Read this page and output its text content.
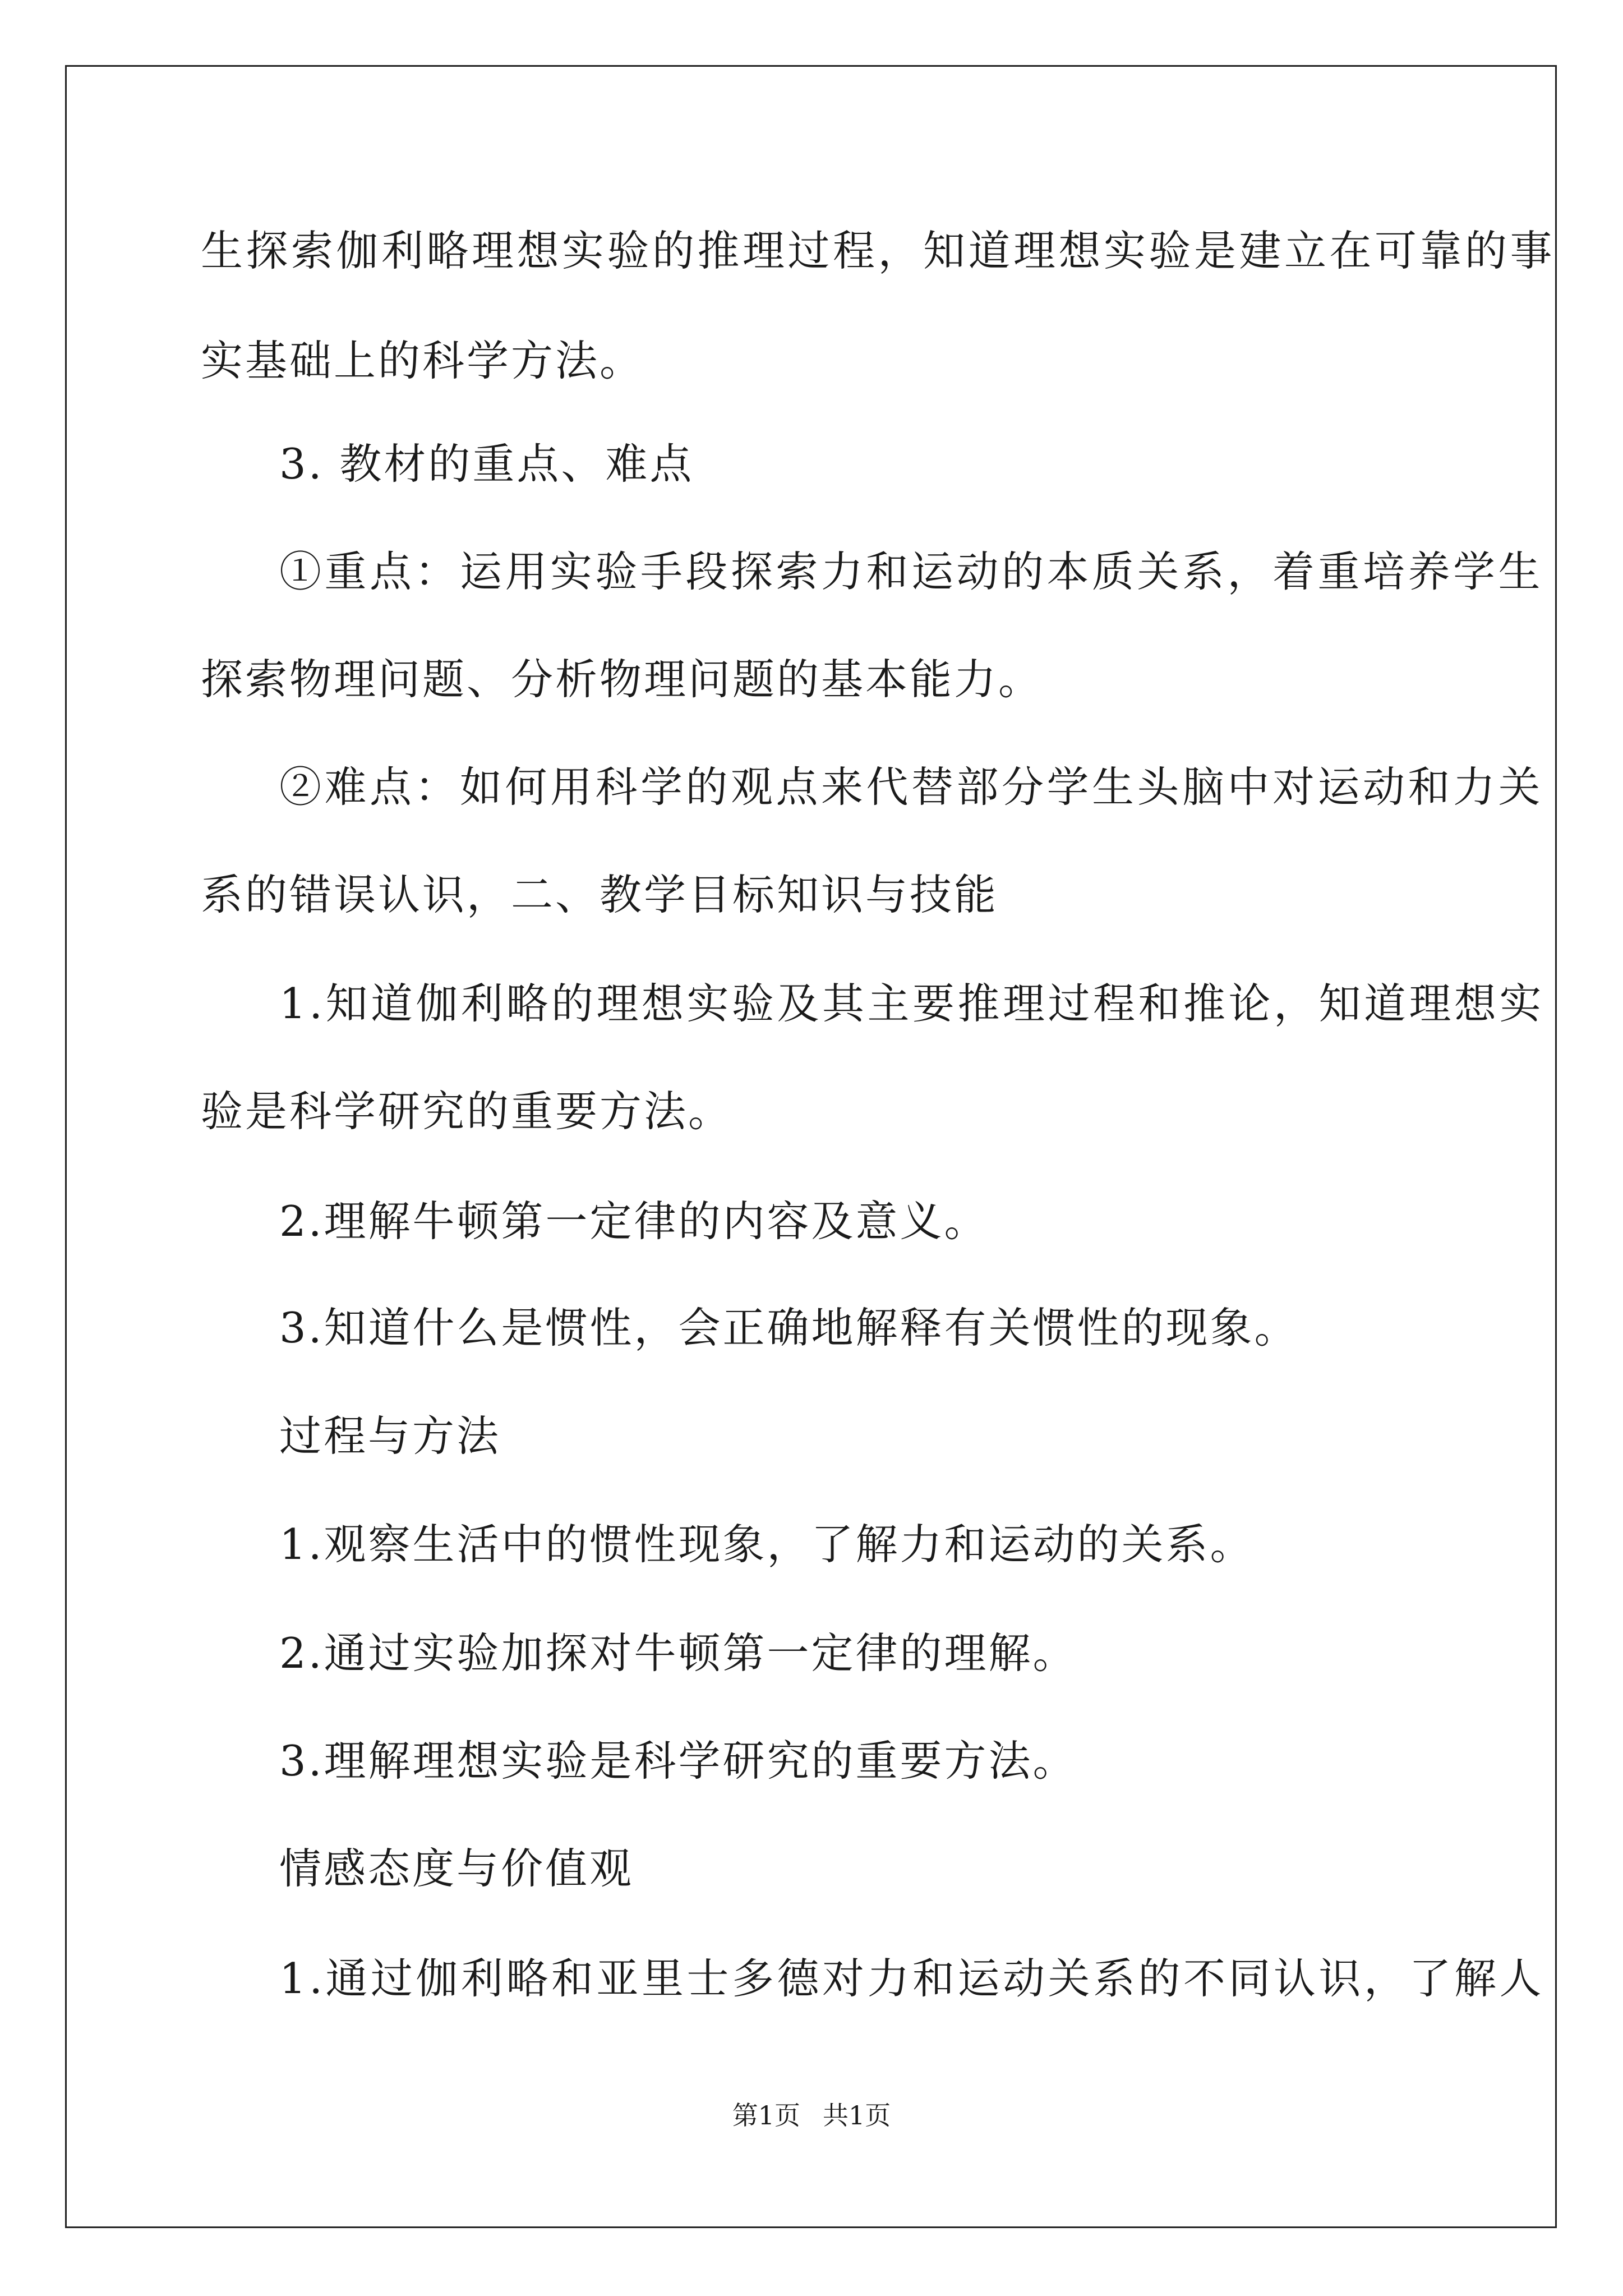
生探索伽利略理想实验的推理过程，知道理想实验是建立在可靠的事
实基础上的科学方法。
3. 教材的重点、难点
①重点：运用实验手段探索力和运动的本质关系，着重培养学生
探索物理问题、分析物理问题的基本能力。
②难点：如何用科学的观点来代替部分学生头脑中对运动和力关
系的错误认识，二、教学目标知识与技能
1.知道伽利略的理想实验及其主要推理过程和推论，知道理想实
验是科学研究的重要方法。
2.理解牛顿第一定律的内容及意义。
3.知道什么是惯性，会正确地解释有关惯性的现象。
过程与方法
1.观察生活中的惯性现象，了解力和运动的关系。
2.通过实验加探对牛顿第一定律的理解。
3.理解理想实验是科学研究的重要方法。
情感态度与价值观
1.通过伽利略和亚里士多德对力和运动关系的不同认识，了解人
第1页 共1页
